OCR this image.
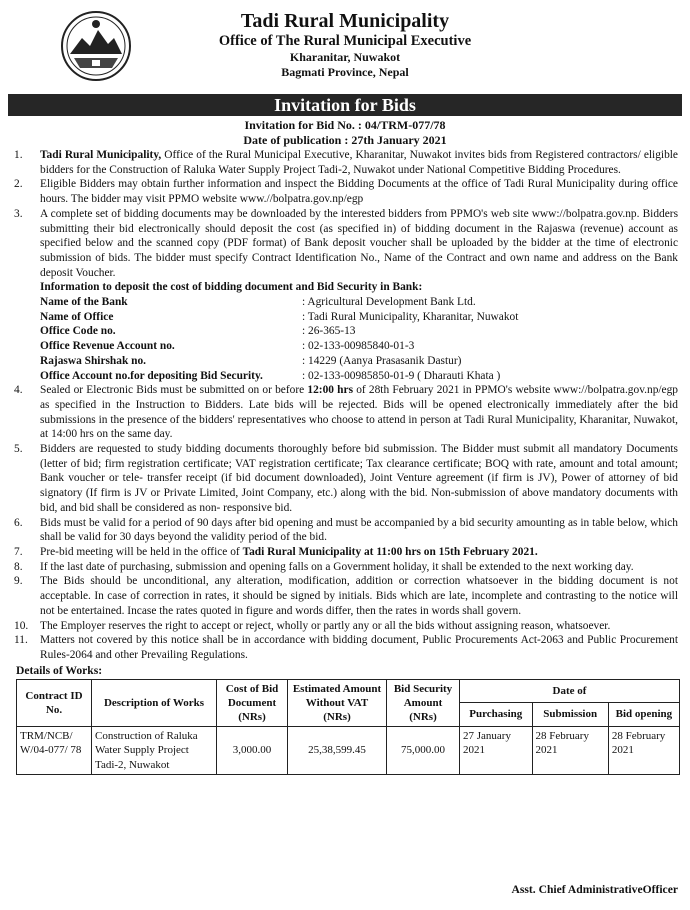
Tadi Rural Municipality
Office of The Rural Municipal Executive
Kharanitar, Nuwakot
Bagmati Province, Nepal
Invitation for Bids
Invitation for Bid No. : 04/TRM-077/78
Date of publication : 27th January 2021
1. Tadi Rural Municipality, Office of the Rural Municipal Executive, Kharanitar, Nuwakot invites bids from Registered contractors/ eligible bidders for the Construction of Raluka Water Supply Project Tadi-2, Nuwakot under National Competitive Bidding Procedures.
2. Eligible Bidders may obtain further information and inspect the Bidding Documents at the office of Tadi Rural Municipality during office hours. The bidder may visit PPMO website www.//bolpatra.gov.np/egp
3. A complete set of bidding documents may be downloaded by the interested bidders from PPMO's web site www://bolpatra.gov.np. Bidders submitting their bid electronically should deposit the cost (as specified in) of bidding document in the Rajaswa (revenue) account as specified below and the scanned copy (PDF format) of Bank deposit voucher shall be uploaded by the bidder at the time of electronic submission of bids. The bidder must specify Contract Identification No., Name of the Contract and own name and address on the Bank deposit Voucher.
Information to deposit the cost of bidding document and Bid Security in Bank:
Name of the Bank	: Agricultural Development Bank Ltd.
Name of Office	: Tadi Rural Municipality, Kharanitar, Nuwakot
Office Code no.	: 26-365-13
Office Revenue Account no.	: 02-133-00985840-01-3
Rajaswa Shirshak no.	: 14229 (Aanya Prasasanik Dastur)
Office Account no.for depositing Bid Security.	: 02-133-00985850-01-9 ( Dharauti Khata )
4. Sealed or Electronic Bids must be submitted on or before 12:00 hrs of 28th February 2021 in PPMO's website www://bolpatra.gov.np/egp as specified in the Instruction to Bidders. Late bids will be rejected. Bids will be opened electronically immediately after the bid submissions in the presence of the bidders' representatives who choose to attend in person at Tadi Rural Municipality, Kharanitar, Nuwakot, at 14:00 hrs on the same day.
5. Bidders are requested to study bidding documents thoroughly before bid submission. The Bidder must submit all mandatory Documents (letter of bid; firm registration certificate; VAT registration certificate; Tax clearance certificate; BOQ with rate, amount and total amount; Bank voucher or tele- transfer receipt (if bid document downloaded), Joint Venture agreement (if firm is JV), Power of attorney of bid signatory (If firm is JV or Private Limited, Joint Company, etc.) along with the bid. Non-submission of above mandatory documents with bid, and bid shall be considered as non- responsive bid.
6. Bids must be valid for a period of 90 days after bid opening and must be accompanied by a bid security amounting as in table below, which shall be valid for 30 days beyond the validity period of the bid.
7. Pre-bid meeting will be held in the office of Tadi Rural Municipality at 11:00 hrs on 15th February 2021.
8. If the last date of purchasing, submission and opening falls on a Government holiday, it shall be extended to the next working day.
9. The Bids should be unconditional, any alteration, modification, addition or correction whatsoever in the bidding document is not acceptable. In case of correction in rates, it should be signed by initials. Bids which are late, incomplete and contrasting to the notice will not be entertained. Incase the rates quoted in figure and words differ, then the rates in words shall govern.
10. The Employer reserves the right to accept or reject, wholly or partly any or all the bids without assigning reason, whatsoever.
11. Matters not covered by this notice shall be in accordance with bidding document, Public Procurements Act-2063 and Public Procurement Rules-2064 and other Prevailing Regulations.
Details of Works:
Contract ID No.	Description of Works	Cost of Bid Document (NRs)	Estimated Amount Without VAT (NRs)	Bid Security Amount (NRs)	Date of		
					Purchasing	Submission	Bid opening
TRM/NCB/ W/04-077/ 78	Construction of Raluka Water Supply Project Tadi-2, Nuwakot	3,000.00	25,38,599.45	75,000.00	27 January 2021	28 February 2021	28 February 2021
Asst. Chief AdministrativeOfficer
